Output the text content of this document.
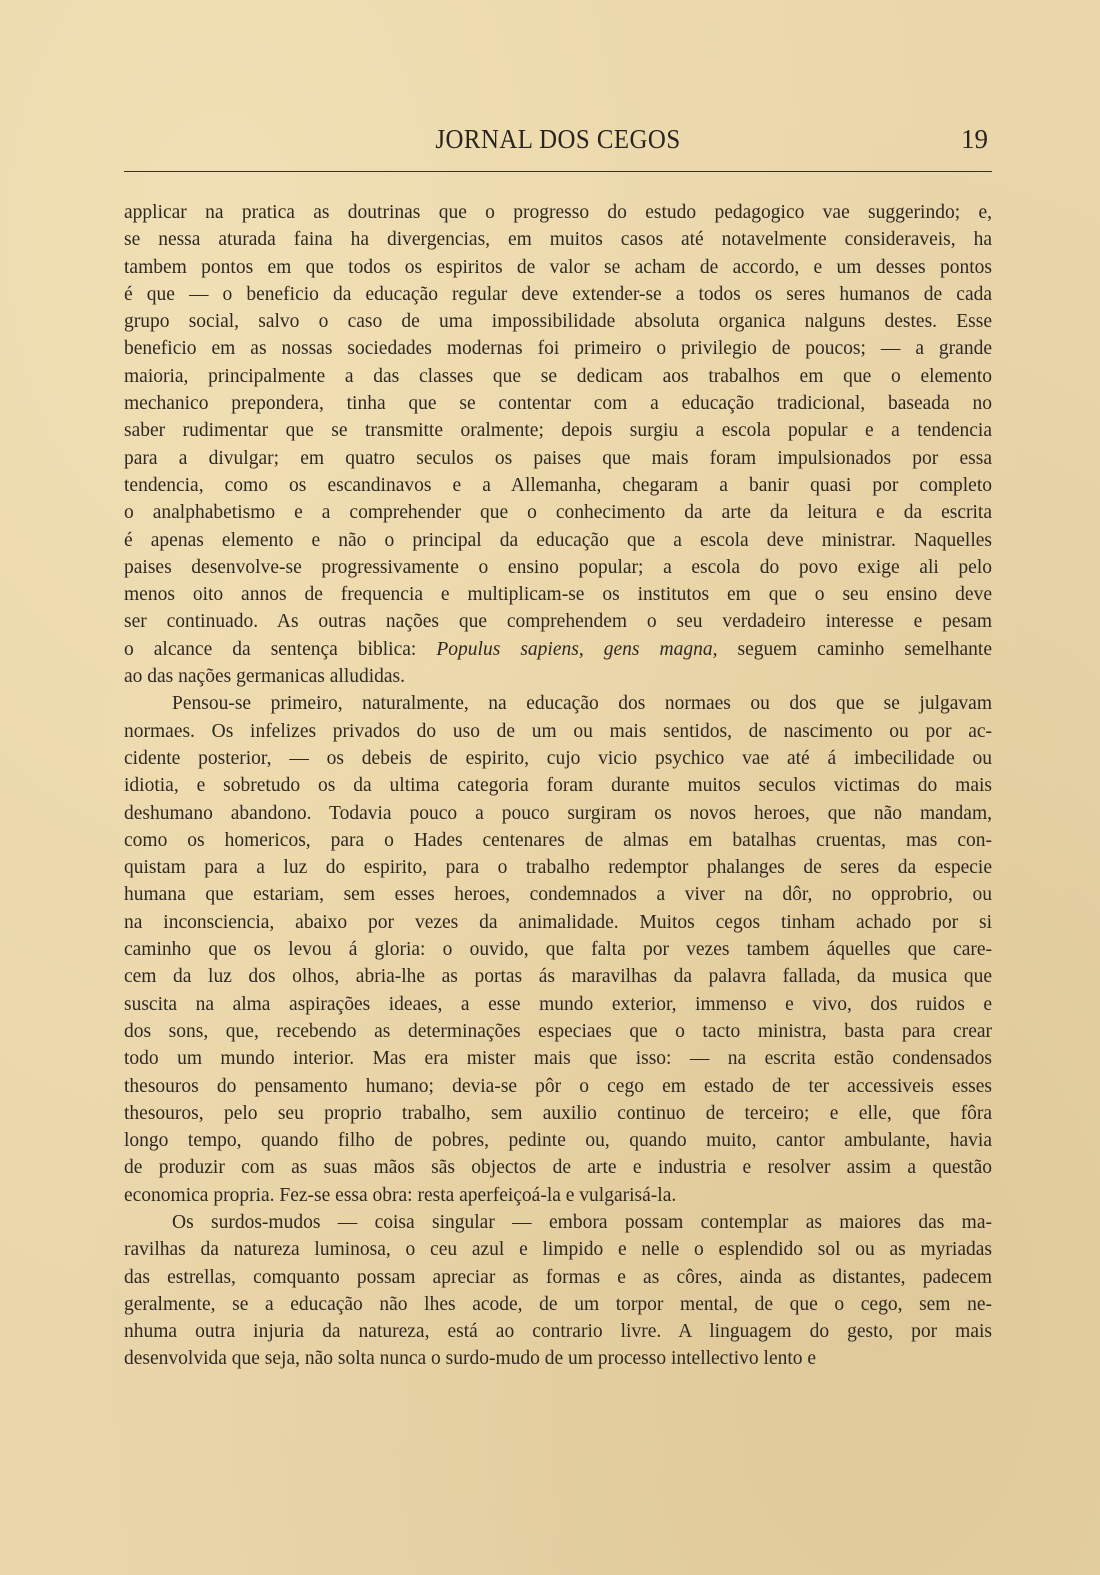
JORNAL DOS CEGOS	19

applicar na pratica as doutrinas que o progresso do estudo pedagogico vae suggerindo; e,
se nessa aturada faina ha divergencias, em muitos casos até notavelmente consideraveis, ha
tambem pontos em que todos os espiritos de valor se acham de accordo, e um desses pontos
é que — o beneficio da educação regular deve extender-se a todos os seres humanos de cada
grupo social, salvo o caso de uma impossibilidade absoluta organica nalguns destes. Esse
beneficio em as nossas sociedades modernas foi primeiro o privilegio de poucos; — a grande
maioria, principalmente a das classes que se dedicam aos trabalhos em que o elemento
mechanico prepondera, tinha que se contentar com a educação tradicional, baseada no
saber rudimentar que se transmitte oralmente; depois surgiu a escola popular e a tendencia
para a divulgar; em quatro seculos os paises que mais foram impulsionados por essa
tendencia, como os escandinavos e a Allemanha, chegaram a banir quasi por completo
o analphabetismo e a comprehender que o conhecimento da arte da leitura e da escrita
é apenas elemento e não o principal da educação que a escola deve ministrar. Naquelles
paises desenvolve-se progressivamente o ensino popular; a escola do povo exige ali pelo
menos oito annos de frequencia e multiplicam-se os institutos em que o seu ensino deve
ser continuado. As outras nações que comprehendem o seu verdadeiro interesse e pesam
o alcance da sentença biblica: Populus sapiens, gens magna, seguem caminho semelhante
ao das nações germanicas alludidas.

Pensou-se primeiro, naturalmente, na educação dos normaes ou dos que se julgavam
normaes. Os infelizes privados do uso de um ou mais sentidos, de nascimento ou por ac-
cidente posterior, — os debeis de espirito, cujo vicio psychico vae até á imbecilidade ou
idiotia, e sobretudo os da ultima categoria foram durante muitos seculos victimas do mais
deshumano abandono. Todavia pouco a pouco surgiram os novos heroes, que não mandam,
como os homericos, para o Hades centenares de almas em batalhas cruentas, mas con-
quistam para a luz do espirito, para o trabalho redemptor phalanges de seres da especie
humana que estariam, sem esses heroes, condemnados a viver na dôr, no opprobrio, ou
na inconsciencia, abaixo por vezes da animalidade. Muitos cegos tinham achado por si
caminho que os levou á gloria: o ouvido, que falta por vezes tambem áquelles que care-
cem da luz dos olhos, abria-lhe as portas ás maravilhas da palavra fallada, da musica que
suscita na alma aspirações ideaes, a esse mundo exterior, immenso e vivo, dos ruidos e
dos sons, que, recebendo as determinações especiaes que o tacto ministra, basta para crear
todo um mundo interior. Mas era mister mais que isso: — na escrita estão condensados
thesouros do pensamento humano; devia-se pôr o cego em estado de ter accessiveis esses
thesouros, pelo seu proprio trabalho, sem auxilio continuo de terceiro; e elle, que fôra
longo tempo, quando filho de pobres, pedinte ou, quando muito, cantor ambulante, havia
de produzir com as suas mãos sãs objectos de arte e industria e resolver assim a questão
economica propria. Fez-se essa obra: resta aperfeiçoá-la e vulgarisá-la.

Os surdos-mudos — coisa singular — embora possam contemplar as maiores das ma-
ravilhas da natureza luminosa, o ceu azul e limpido e nelle o esplendido sol ou as myriadas
das estrellas, comquanto possam apreciar as formas e as côres, ainda as distantes, padecem
geralmente, se a educação não lhes acode, de um torpor mental, de que o cego, sem ne-
nhuma outra injuria da natureza, está ao contrario livre. A linguagem do gesto, por mais
desenvolvida que seja, não solta nunca o surdo-mudo de um processo intellectivo lento e
